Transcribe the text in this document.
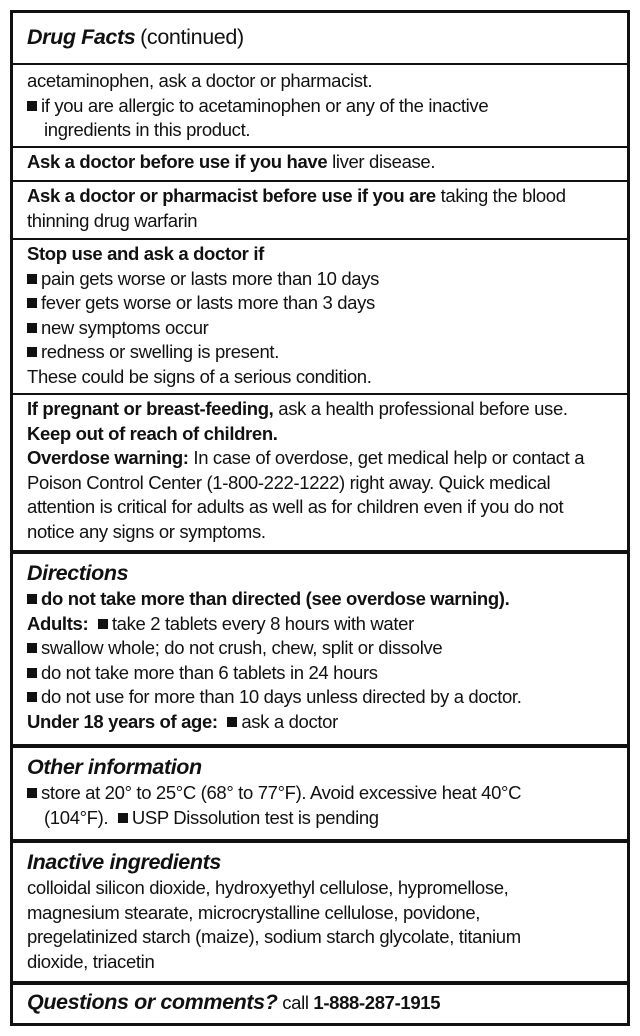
Drug Facts (continued)
acetaminophen, ask a doctor or pharmacist.
if you are allergic to acetaminophen or any of the inactive
ingredients in this product.
Ask a doctor before use if you have liver disease.
Ask a doctor or pharmacist before use if you are taking the blood
thinning drug warfarin
Stop use and ask a doctor if
pain gets worse or lasts more than 10 days
fever gets worse or lasts more than 3 days
new symptoms occur
redness or swelling is present.
These could be signs of a serious condition.
If pregnant or breast-feeding, ask a health professional before use.
Keep out of reach of children.
Overdose warning: In case of overdose, get medical help or contact a
Poison Control Center (1-800-222-1222) right away. Quick medical
attention is critical for adults as well as for children even if you do not
notice any signs or symptoms.
Directions
do not take more than directed (see overdose warning).
Adults: take 2 tablets every 8 hours with water
swallow whole; do not crush, chew, split or dissolve
do not take more than 6 tablets in 24 hours
do not use for more than 10 days unless directed by a doctor.
Under 18 years of age: ask a doctor
Other information
store at 20° to 25°C (68° to 77°F). Avoid excessive heat 40°C
(104°F). USP Dissolution test is pending
Inactive ingredients
colloidal silicon dioxide, hydroxyethyl cellulose, hypromellose,
magnesium stearate, microcrystalline cellulose, povidone,
pregelatinized starch (maize), sodium starch glycolate, titanium
dioxide, triacetin
Questions or comments? call 1-888-287-1915
